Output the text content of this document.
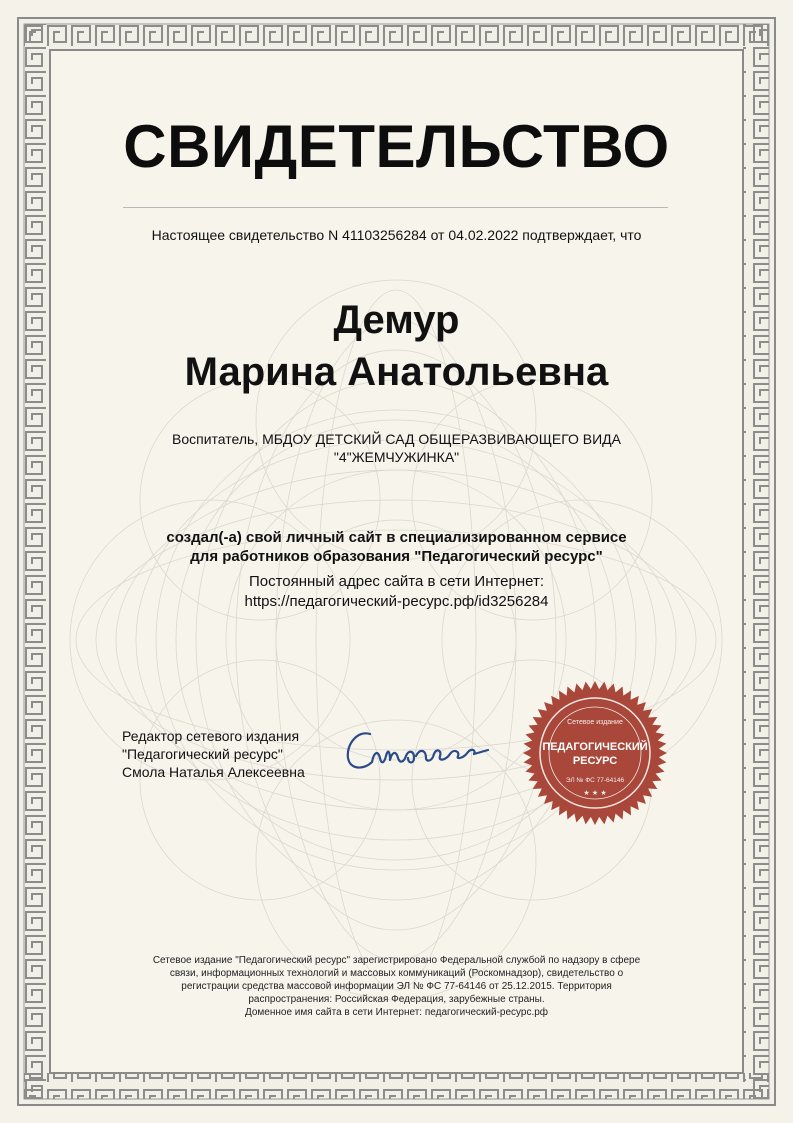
СВИДЕТЕЛЬСТВО
Настоящее свидетельство N 41103256284 от 04.02.2022 подтверждает, что
Демур
Марина Анатольевна
Воспитатель, МБДОУ ДЕТСКИЙ САД ОБЩЕРАЗВИВАЮЩЕГО ВИДА
"4"ЖЕМЧУЖИНКА"
создал(-а) свой личный сайт в специализированном сервисе
для работников образования "Педагогический ресурс"
Постоянный адрес сайта в сети Интернет:
https://педагогический-ресурс.рф/id3256284
Редактор сетевого издания
"Педагогический ресурс"
Смола Наталья Алексеевна
Сетевое издание
ПЕДАГОГИЧЕСКИЙ
РЕСУРС
ЭЛ № ФС 77-64146
★ ★ ★
Сетевое издание "Педагогический ресурс" зарегистрировано Федеральной службой по надзору в сфере
связи, информационных технологий и массовых коммуникаций (Роскомнадзор), свидетельство о
регистрации средства массовой информации ЭЛ № ФС 77-64146 от 25.12.2015. Территория
распространения: Российская Федерация, зарубежные страны.
Доменное имя сайта в сети Интернет: педагогический-ресурс.рф
